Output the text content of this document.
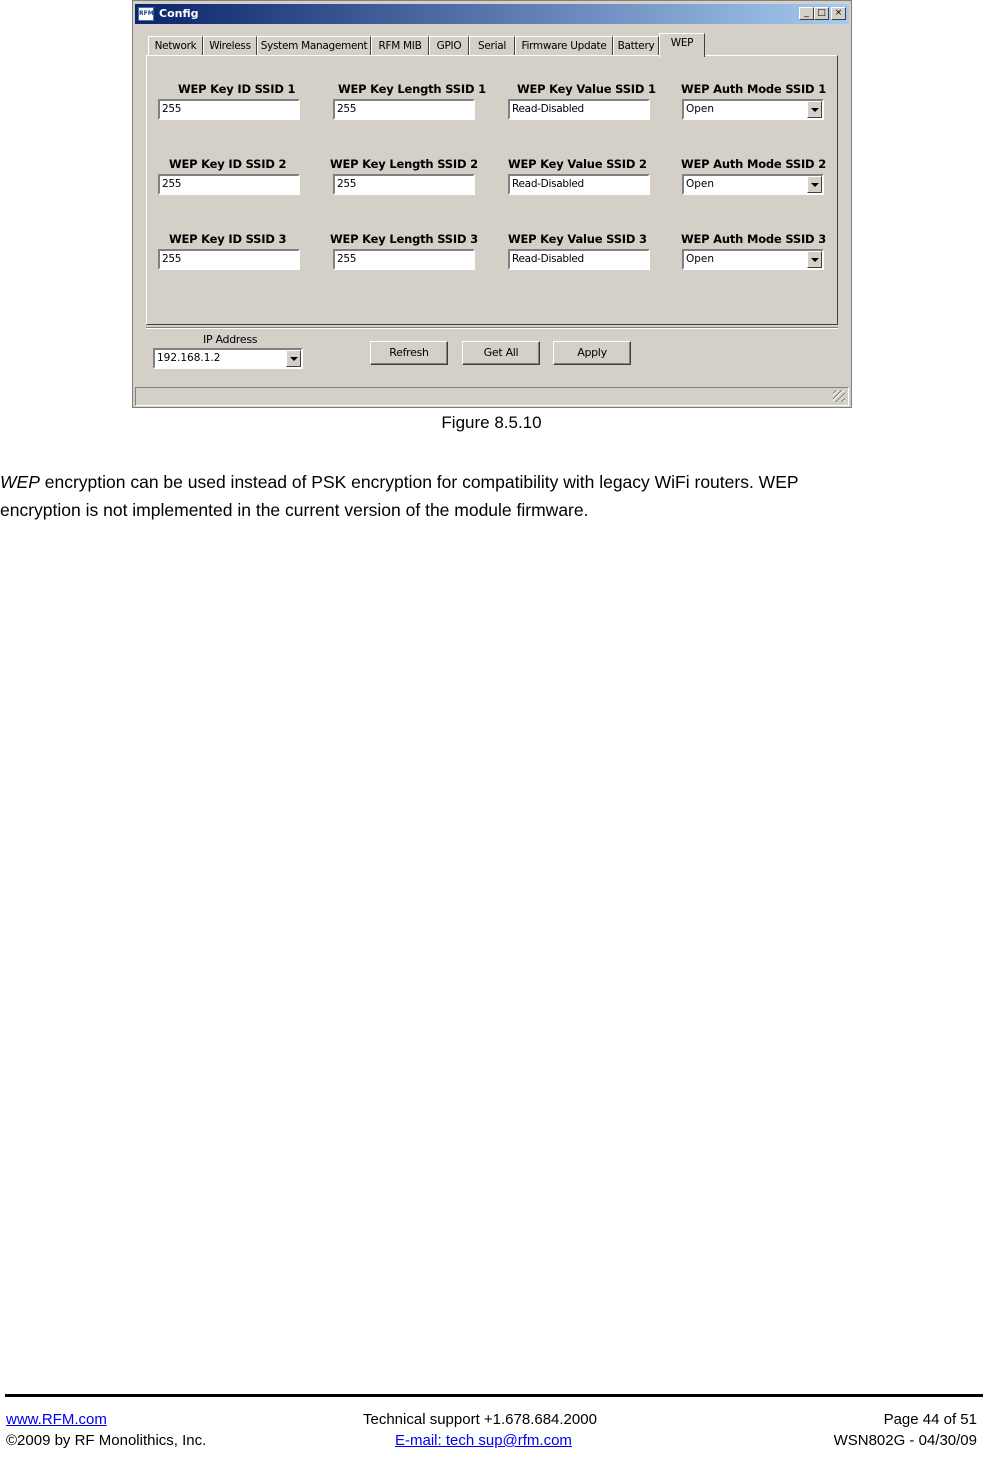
RFM Config	_ □ ×
Network	Wireless System Management	RFM MIB	GPIO	Serial	Firmware Update	Battery	WEP
WEP Key ID SSID 1
255
WEP Key Length SSID 1
255
WEP Key Value SSID 1
Read-Disabled
WEP Auth Mode SSID 1
Open
WEP Key ID SSID 2
255
WEP Key Length SSID 2
255
WEP Key Value SSID 2
Read-Disabled
WEP Auth Mode SSID 2
Open
WEP Key ID SSID 3
255
WEP Key Length SSID 3
255
WEP Key Value SSID 3
Read-Disabled
WEP Auth Mode SSID 3
Open
IP Address
192.168.1.2	Refresh	Get All	Apply
Figure 8.5.10
WEP encryption can be used instead of PSK encryption for compatibility with legacy WiFi routers. WEP
encryption is not implemented in the current version of the module firmware.
www.RFM.com
©2009 by RF Monolithics, Inc.
Technical support +1.678.684.2000
E-mail: tech sup@rfm.com
Page 44 of 51
WSN802G - 04/30/09
